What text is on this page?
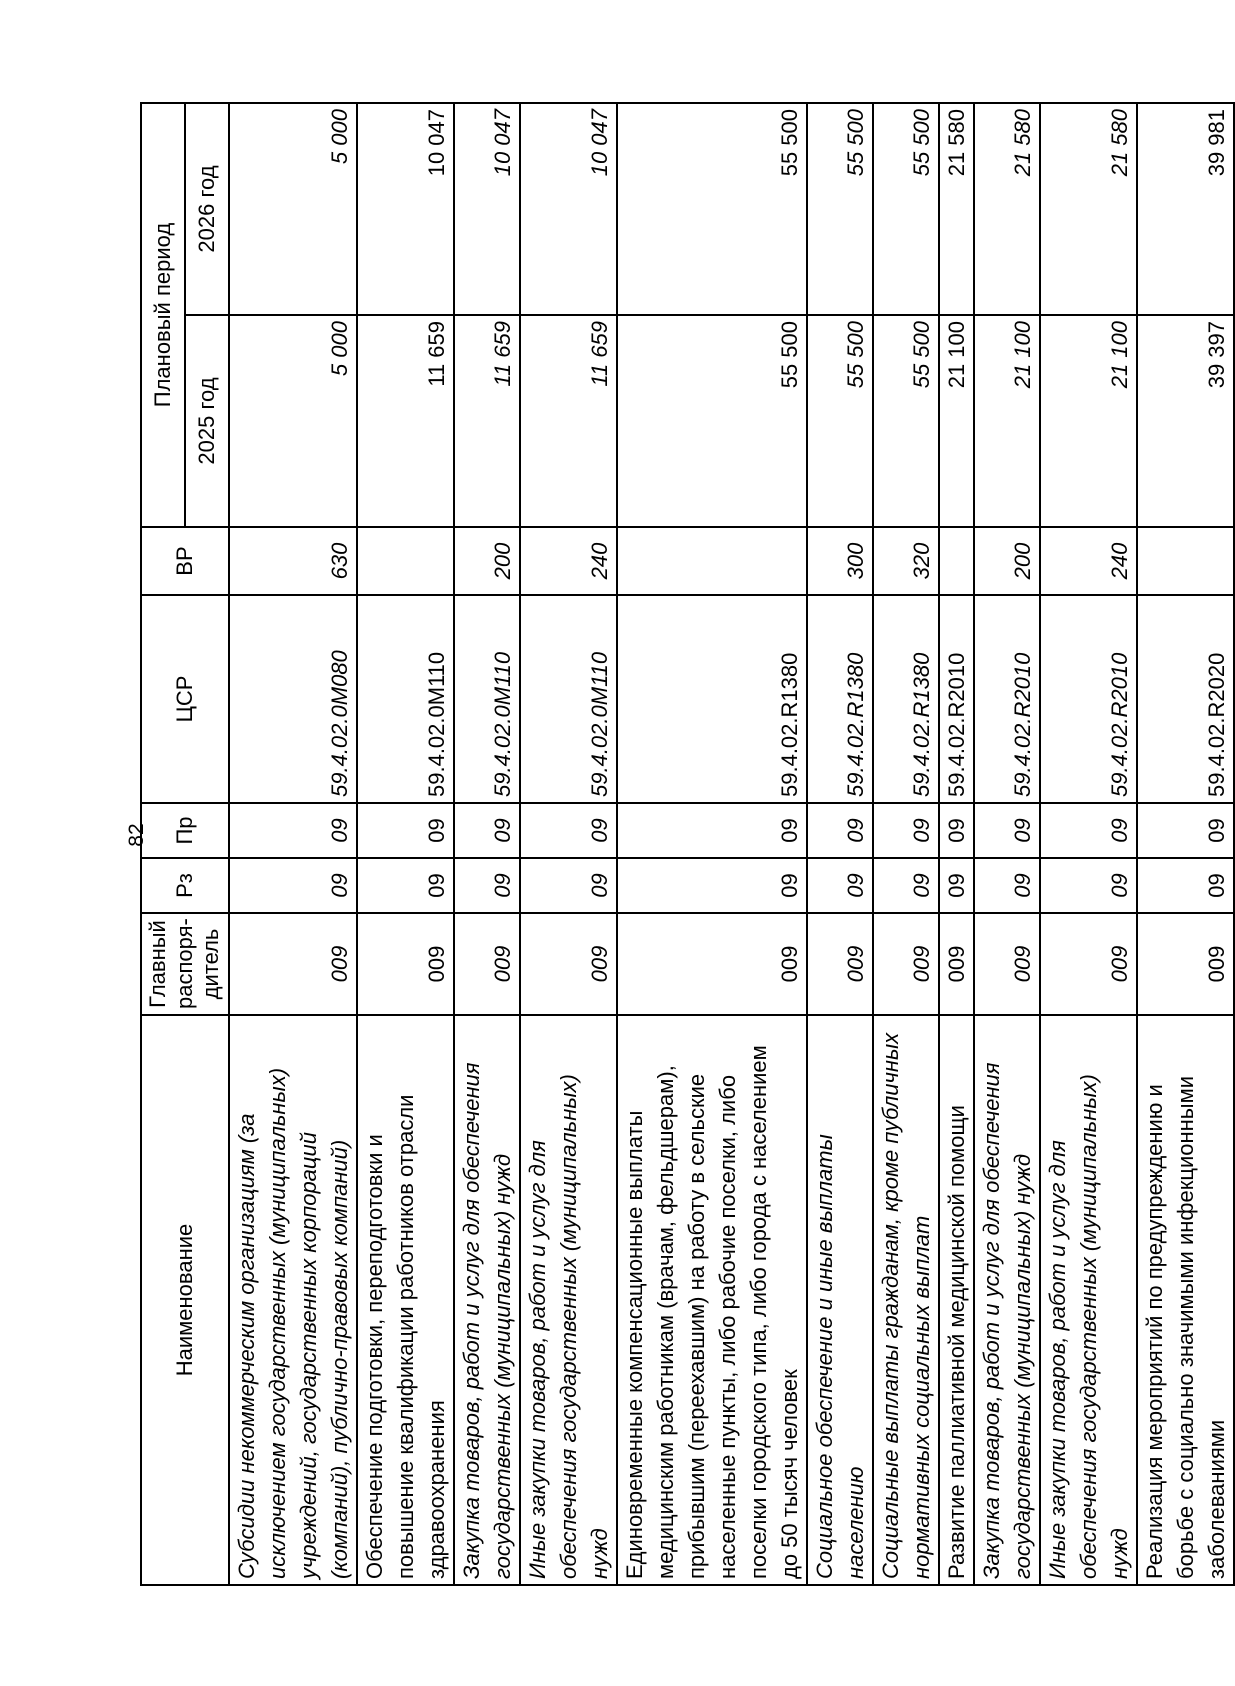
82
Наименование	Главный распоря-дитель	Рз	Пр	ЦСР	ВР	Плановый период	
						2025 год	2026 год
Субсидии некоммерческим организациям (за исключением государственных (муниципальных) учреждений, государственных корпораций (компаний), публично-правовых компаний)	009	09	09	59.4.02.0М080	630	5 000	5 000
Обеспечение подготовки, переподготовки и повышение квалификации работников отрасли здравоохранения	009	09	09	59.4.02.0М110		11 659	10 047
Закупка товаров, работ и услуг для обеспечения государственных (муниципальных) нужд	009	09	09	59.4.02.0М110	200	11 659	10 047
Иные закупки товаров, работ и услуг для обеспечения государственных (муниципальных) нужд	009	09	09	59.4.02.0М110	240	11 659	10 047
Единовременные компенсационные выплаты медицинским работникам (врачам, фельдшерам), прибывшим (переехавшим) на работу в сельские населенные пункты, либо рабочие поселки, либо поселки городского типа, либо города с населением до 50 тысяч человек	009	09	09	59.4.02.R1380		55 500	55 500
Социальное обеспечение и иные выплаты населению	009	09	09	59.4.02.R1380	300	55 500	55 500
Социальные выплаты гражданам, кроме публичных нормативных социальных выплат	009	09	09	59.4.02.R1380	320	55 500	55 500
Развитие паллиативной медицинской помощи	009	09	09	59.4.02.R2010		21 100	21 580
Закупка товаров, работ и услуг для обеспечения государственных (муниципальных) нужд	009	09	09	59.4.02.R2010	200	21 100	21 580
Иные закупки товаров, работ и услуг для обеспечения государственных (муниципальных) нужд	009	09	09	59.4.02.R2010	240	21 100	21 580
Реализация мероприятий по предупреждению и борьбе с социально значимыми инфекционными заболеваниями	009	09	09	59.4.02.R2020		39 397	39 981
